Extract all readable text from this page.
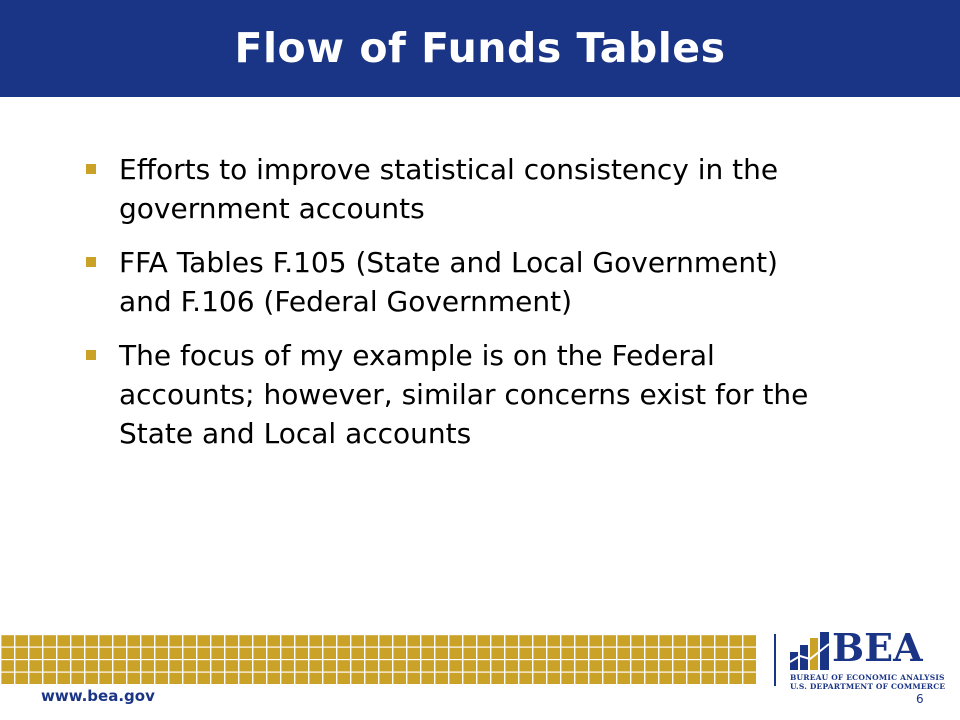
Flow of Funds Tables
Efforts to improve statistical consistency in the government accounts
FFA Tables F.105 (State and Local Government) and F.106 (Federal Government)
The focus of my example is on the Federal accounts; however, similar concerns exist for the State and Local accounts
BEA
BUREAU OF ECONOMIC ANALYSIS
U.S. DEPARTMENT OF COMMERCE
www.bea.gov	6
